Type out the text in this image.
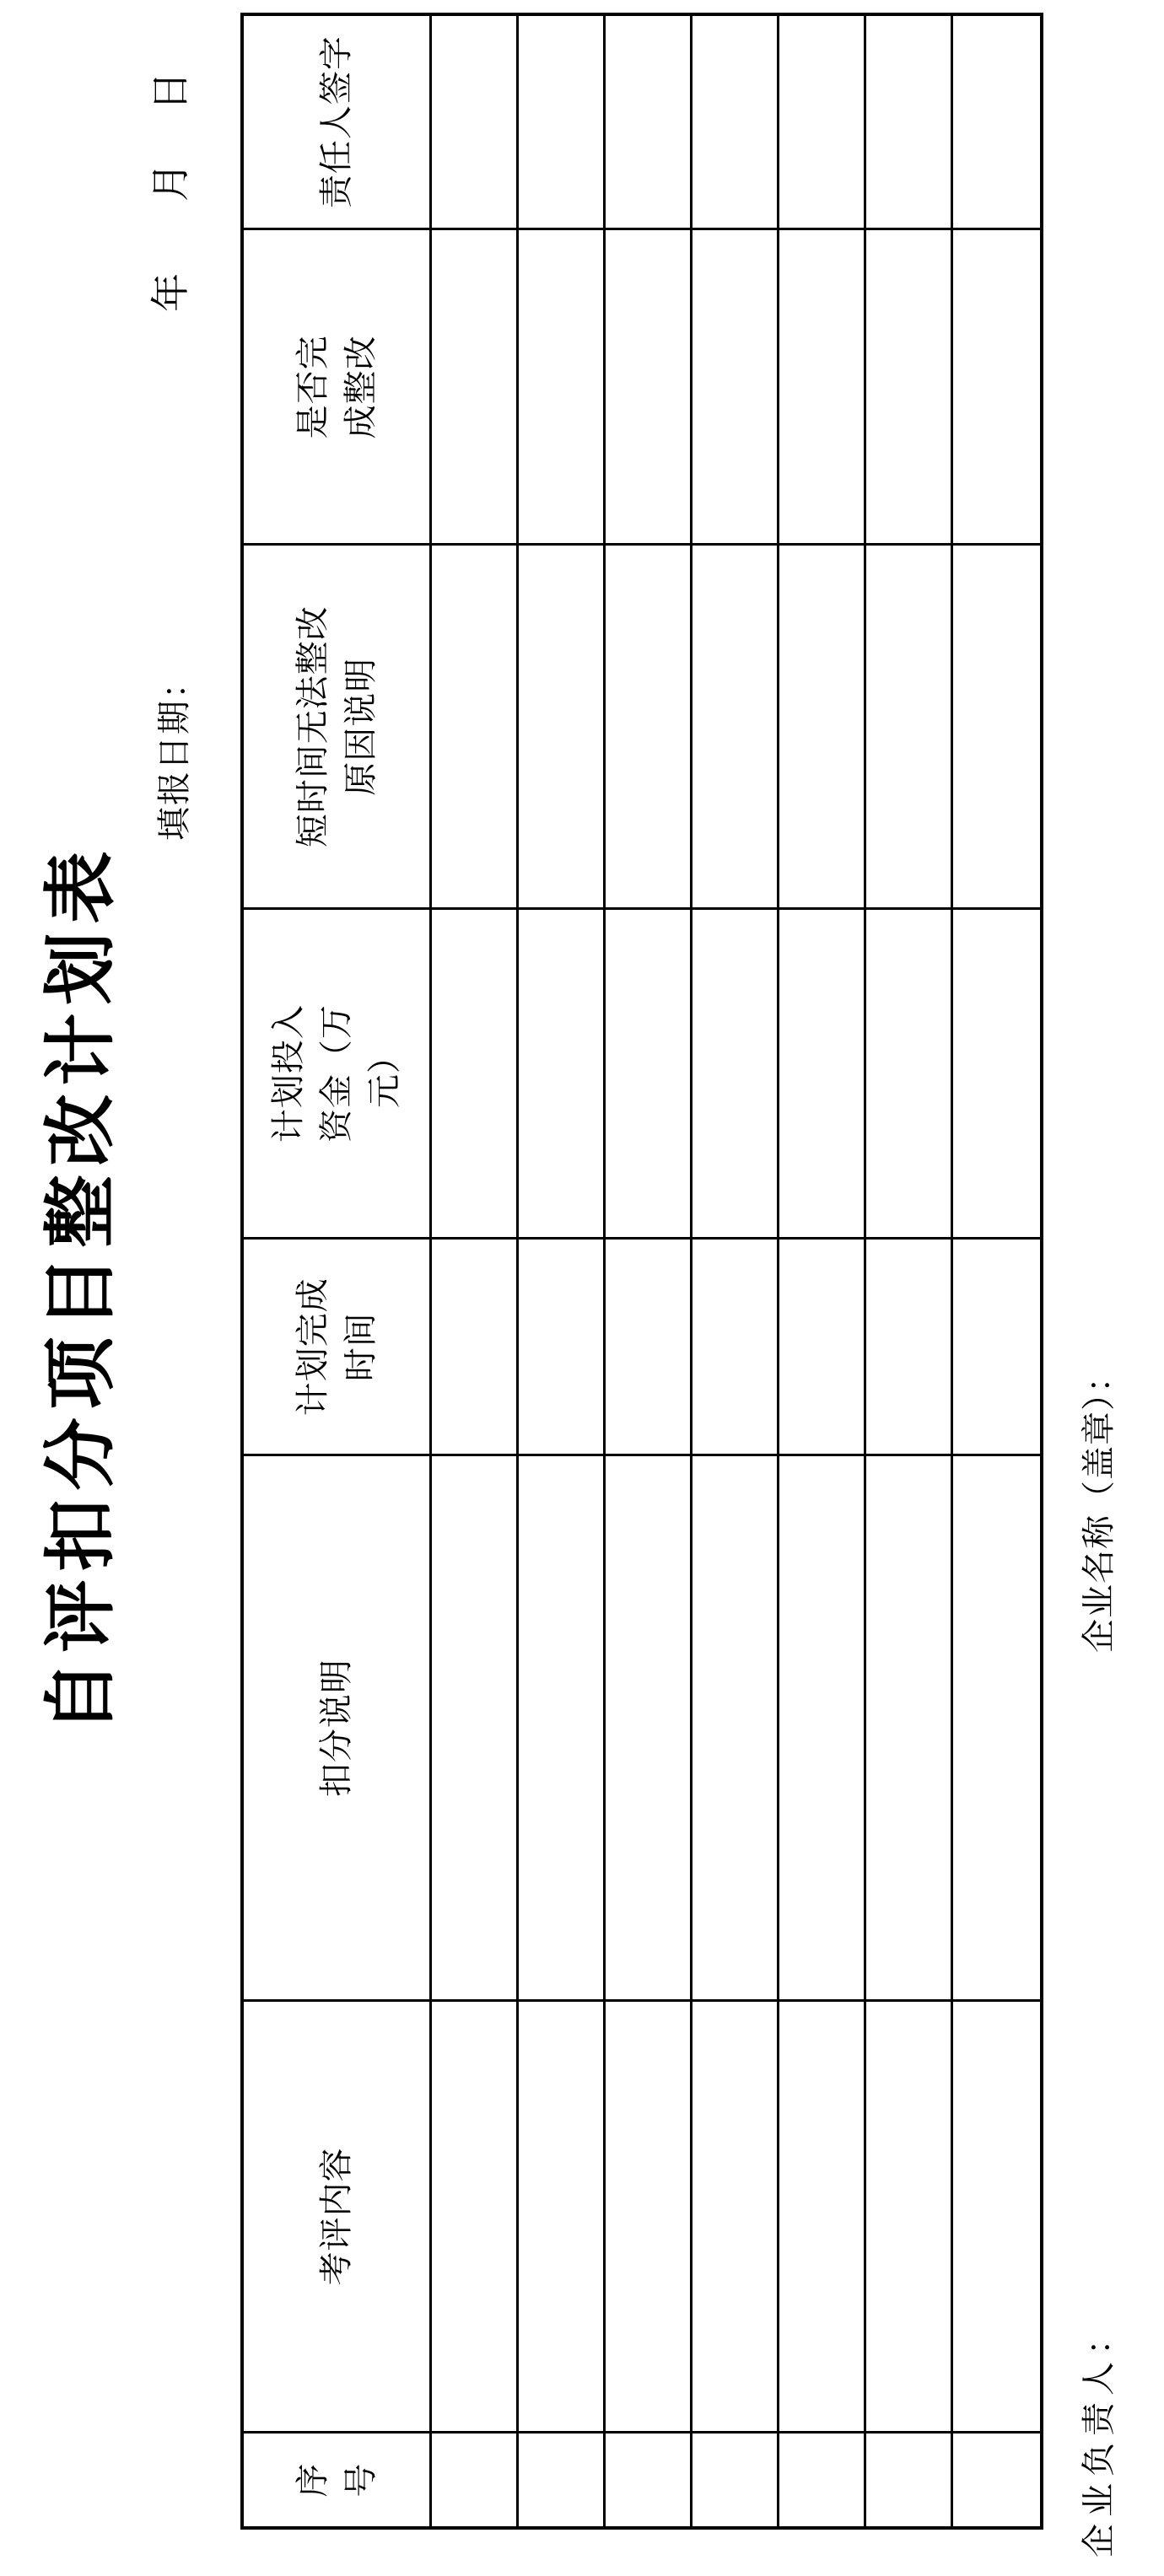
自评扣分项目整改计划表
填报日期：
年
月
日
序 号
考评内容
扣分说明
计划完成 时间
计划投入 资金（万 元）
短时间无法整改 原因说明
是否完 成整改
责任人签字
企业负责人：
企业名称（盖章）：
